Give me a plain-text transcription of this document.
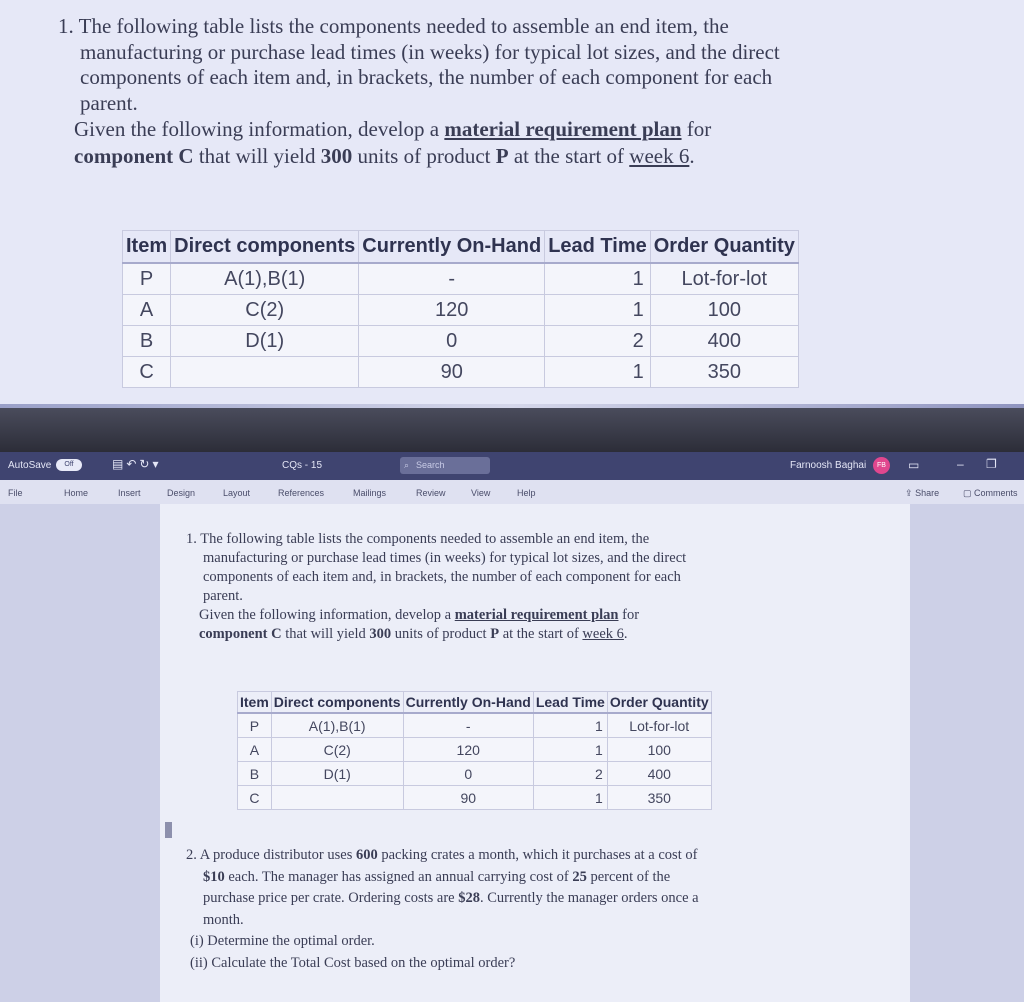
1. The following table lists the components needed to assemble an end item, the
manufacturing or purchase lead times (in weeks) for typical lot sizes, and the direct
components of each item and, in brackets, the number of each component for each
parent.
Given the following information, develop a material requirement plan for
component C that will yield 300 units of product P at the start of week 6.
Item	Direct components	Currently On-Hand	Lead Time	Order Quantity
P	A(1),B(1)	-	1	Lot-for-lot
A	C(2)	120	1	100
B	D(1)	0	2	400
C		90	1	350
AutoSave	Off	▤↶↻▾	CQs - 15	⌕ Search	Farnoosh Baghai	FB	▭	– ❐
File	Home	Insert	Design	Layout	References	Mailings	Review	View	Help	⇪ Share	▢ Comments
1. The following table lists the components needed to assemble an end item, the
manufacturing or purchase lead times (in weeks) for typical lot sizes, and the direct
components of each item and, in brackets, the number of each component for each
parent.
Given the following information, develop a material requirement plan for
component C that will yield 300 units of product P at the start of week 6.
Item	Direct components	Currently On-Hand	Lead Time	Order Quantity
P	A(1),B(1)	-	1	Lot-for-lot
A	C(2)	120	1	100
B	D(1)	0	2	400
C		90	1	350
2. A produce distributor uses 600 packing crates a month, which it purchases at a cost of
$10 each. The manager has assigned an annual carrying cost of 25 percent of the
purchase price per crate. Ordering costs are $28. Currently the manager orders once a
month.
(i) Determine the optimal order.
(ii) Calculate the Total Cost based on the optimal order?
